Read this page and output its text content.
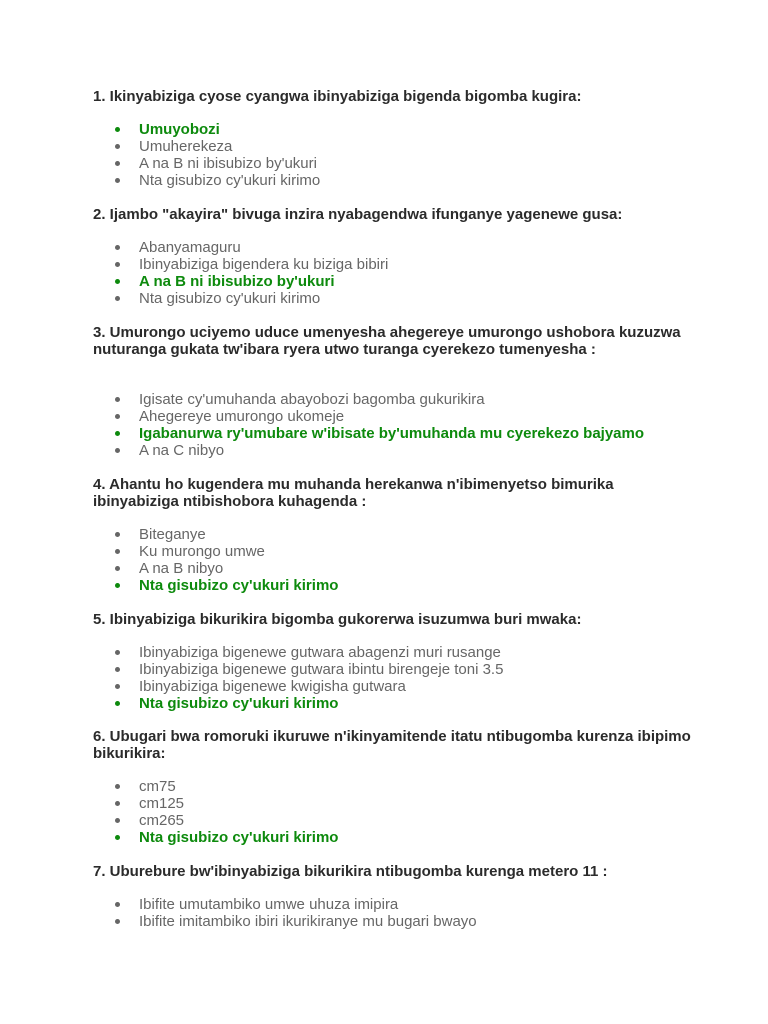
1. Ikinyabiziga cyose cyangwa ibinyabiziga bigenda bigomba kugira:

Umuyobozi
Umuherekeza
A na B ni ibisubizo by'ukuri
Nta gisubizo cy'ukuri kirimo

2. Ijambo "akayira" bivuga inzira nyabagendwa ifunganye yagenewe gusa:

Abanyamaguru
Ibinyabiziga bigendera ku biziga bibiri
A na B ni ibisubizo by'ukuri
Nta gisubizo cy'ukuri kirimo

3. Umurongo uciyemo uduce umenyesha ahegereye umurongo ushobora kuzuzwa nuturanga gukata tw'ibara ryera utwo turanga cyerekezo tumenyesha :

Igisate cy'umuhanda abayobozi bagomba gukurikira
Ahegereye umurongo ukomeje
Igabanurwa ry'umubare w'ibisate by'umuhanda mu cyerekezo bajyamo
A na C nibyo

4. Ahantu ho kugendera mu muhanda herekanwa n'ibimenyetso bimurika ibinyabiziga ntibishobora kuhagenda :

Biteganye
Ku murongo umwe
A na B nibyo
Nta gisubizo cy'ukuri kirimo

5. Ibinyabiziga bikurikira bigomba gukorerwa isuzumwa buri mwaka:

Ibinyabiziga bigenewe gutwara abagenzi muri rusange
Ibinyabiziga bigenewe gutwara ibintu birengeje toni 3.5
Ibinyabiziga bigenewe kwigisha gutwara
Nta gisubizo cy'ukuri kirimo

6. Ubugari bwa romoruki ikuruwe n'ikinyamitende itatu ntibugomba kurenza ibipimo bikurikira:

cm75
cm125
cm265
Nta gisubizo cy'ukuri kirimo

7. Uburebure bw'ibinyabiziga bikurikira ntibugomba kurenga metero 11 :

Ibifite umutambiko umwe uhuza imipira
Ibifite imitambiko ibiri ikurikiranye mu bugari bwayo
